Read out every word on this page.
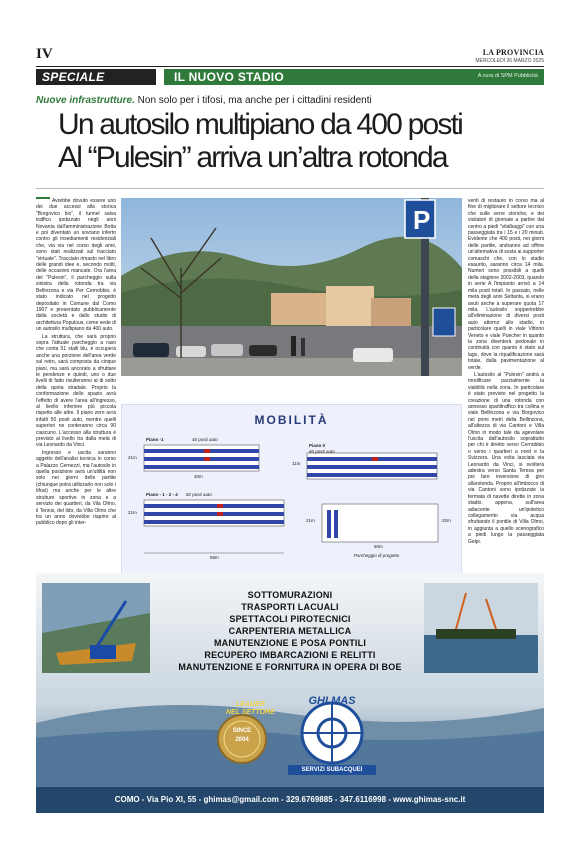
IV	LA PROVINCIA
MERCOLEDÌ 26 MARZO 2025
SPECIALE	IL NUOVO STADIO	A cura di SPM Pubblicità
Nuove infrastrutture. Non solo per i tifosi, ma anche per i cittadini residenti
Un autosilo multipiano da 400 posti
Al “Pulesin” arriva un’altra rotonda

Avrebbe dovuto essere uno dei due accessi alla storica "Borgovico bis", il tunnel salva traffico ipotizzato negli anni Novanta dall'amministrazione Botta e poi diventato un sovrano inferto contro gli insediamenti residenziali che, via via nel corso degli anni, sono stati realizzati sul tracciato "virtuale". Tracciato rimasto nel libro delle grandi idee e, secondo molti, delle occasioni mancate. Ora l'area del "Pulesin", il parcheggio sulla sinistra della rotonda tra via Bellinzona e via Per Cernobbio, è stato indicato nel progetto depositato in Comune dal Como 1907 e presentato pubblicamente dalla società e dallo studio di architettura Populous, come sede di un autosilo multipiano da 400 auto.

La struttura, che sarà proprio sopra l'attuale parcheggio a raso che conta 51 stalli blu, è occuperà anche una porzione dell'area verde sul retro, sarà composta da cinque piani, ma sarà ancorato a sfruttare le pendenze e quindi, uno o due livelli di fatto risulteranno al di sotto della quota stradale. Proprio la conformazione dello spazio avrà l'effetto di avere l'area all'ingresso, al livello inferiore più piccola rispetto alle altre. Il piano zero avrà infatti 50 posti auto, mentre quelli superiori ne conteranno circa 90 ciascuno. L'accesso alla struttura è previsto al livello tra dalla metà di via Leonardo da Vinci.

Ingresso e uscita saranno aggetto dell'analisi tecnica in corso a Palazzo Cernezzi, ma l'autosilo in quella posizione avrà un'utilità non solo nei giorni delle partite (chiunque potrà utilizzarlo non solo i tifosi) ma anche per le altre strutture sportive in zona e a servizio dei quartieri, da Vila Olmo, il Tennis, del lido, da Villa Olmo che tra un anno dovrebbe riaprire al pubblico dopo gli inter-

P
MOBILITÀ
Piano -1	40 posti auto
Piano - 1 - 2 - 4 82 posti auto
Piano 0
60 posti auto
21m
30m
21m
58m
11m
21m	22m
50m
Parcheggio di progetto

venti di restauro in corso ma al fine di migliorare il settore tecnico che sulle serre storiche, e dei visitatori di giornate a partire dal centro a piedi "vitalbaggi" con una passeggiata tra i 15 e i 20 minuti. Evidente che 400 posti, nei giorni delle partite, andranno ad offrire un'alternativa di sosta ai supporter comaschi che, con lo stadio esaurito, saranno circa 14 mila. Numeri sono possibili a quelli della stagione 2002-2003, quando in serie A l'impianto arrivò a 14 mila posti totali. In passato, nelle metà degli anni Settanta, si erano avuti anche a superare quota 17 mila. L'autosilo sopperirebbe all'eliminazione di diversi posti auto attorno allo stadio, in particolare quelli in viale Vittorio Veneto e viale Puecher in quanto la zona diventerà pedonale in continuità con quanto è stato sul lago, dove la riqualificazione sarà totale, dalla pavimentazione al verde.

L'autosilo al "Pulesin" andrà a modificare parzialmente la viabilità nella zona. In particolare è stato previsto nel progetto la creazione di una rotonda con annesso spartitraffico tra collina e viale Bellinzona e via Borgovico nei primi metri della Bellinzona, all'altezza di via Cantoni e Villa Olmo in modo tale da agevolare l'uscita dall'autosilo soprattutto per chi è diretto verso Cernobbio o verso i quartieri a nord e la Svizzera. Una volta lasciata via Leonardo da Vinci, si svolterà adestra verso Santa Teresa per poi fare inversione di giro allarotonda. Proprio all'imbocco di via Cantoni sono ipotizzate la fermata di navette dirette in zona stadio, appena, sull'area adiacente un'ipotetico collegamento via acqua sfruttando il pontile di Villa Olmo, in aggiunta a quello scenografico a piedi lungo la passeggiata Gelpi.

SOTTOMURAZIONI
TRASPORTI LACUALI
SPETTACOLI PIROTECNICI
CARPENTERIA METALLICA
MANUTENZIONE E POSA PONTILI
RECUPERO IMBARCAZIONI E RELITTI
MANUTENZIONE E FORNITURA IN OPERA DI BOE
LEADER
NEL SETTORE
SINCE
2004
GHI.MAS
SERVIZI SUBACQUEI
COMO - Via Pio XI, 55 - ghimas@gmail.com - 329.6769885 - 347.6116998 - www.ghimas-snc.it
